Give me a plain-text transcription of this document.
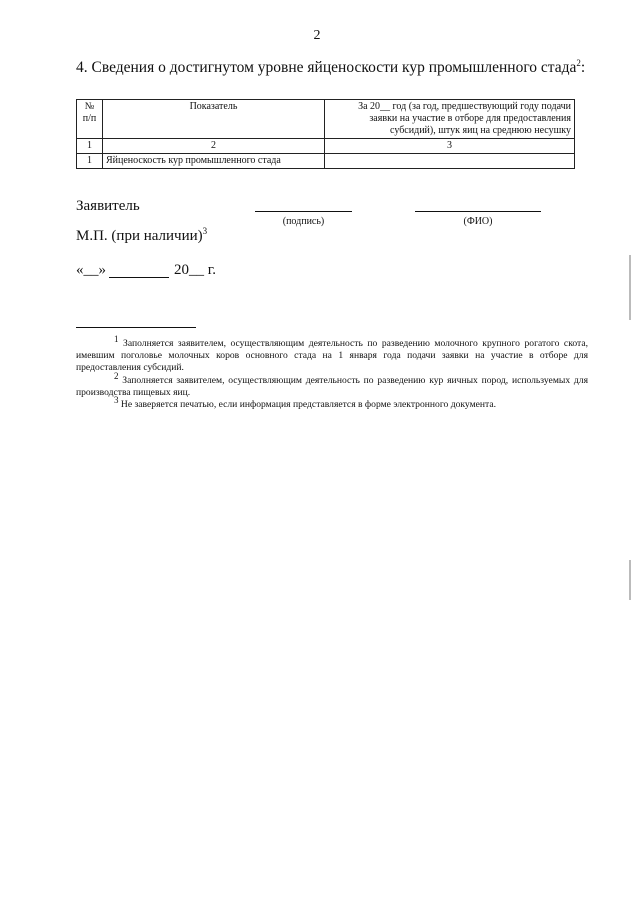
2
4. Сведения о достигнутом уровне яйценоскости кур промышленного стада$^2$:
№ п/п	Показатель	За 20__ год (за год, предшествующий году подачи заявки на участие в отборе для предоставления субсидий), штук яиц на среднюю несушку
1	2	3
1	Яйценоскость кур промышленного стада	
Заявитель
(подпись)	(ФИО)
М.П. (при наличии)$^3$
«__»	20__ г.

$^1$ Заполняется заявителем, осуществляющим деятельность по разведению молочного крупного рогатого скота, имевшим поголовье молочных коров основного стада на 1 января года подачи заявки на участие в отборе для предоставления субсидий.

$^2$ Заполняется заявителем, осуществляющим деятельность по разведению кур яичных пород, используемых для производства пищевых яиц.

$^3$ Не заверяется печатью, если информация представляется в форме электронного документа.
